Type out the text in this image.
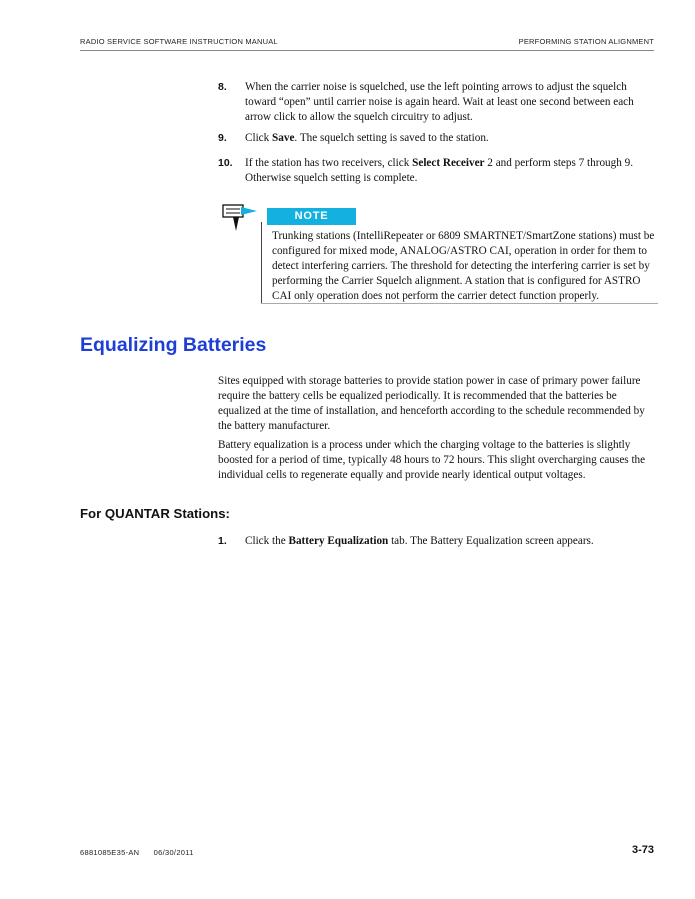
RADIO SERVICE SOFTWARE INSTRUCTION MANUAL	PERFORMING STATION ALIGNMENT
8. When the carrier noise is squelched, use the left pointing arrows to adjust the squelch toward “open” until carrier noise is again heard. Wait at least one second between each arrow click to allow the squelch circuitry to adjust.
9. Click Save. The squelch setting is saved to the station.
10. If the station has two receivers, click Select Receiver 2 and perform steps 7 through 9. Otherwise squelch setting is complete.
NOTE
Trunking stations (IntelliRepeater or 6809 SMARTNET/SmartZone stations) must be configured for mixed mode, ANALOG/ASTRO CAI, operation in order for them to detect interfering carriers. The threshold for detecting the interfering carrier is set by performing the Carrier Squelch alignment. A station that is configured for ASTRO CAI only operation does not perform the carrier detect function properly.
Equalizing Batteries
Sites equipped with storage batteries to provide station power in case of primary power failure require the battery cells be equalized periodically. It is recommended that the batteries be equalized at the time of installation, and henceforth according to the schedule recommended by the battery manufacturer.
Battery equalization is a process under which the charging voltage to the batteries is slightly boosted for a period of time, typically 48 hours to 72 hours. This slight overcharging causes the individual cells to regenerate equally and provide nearly identical output voltages.
For QUANTAR Stations:
1. Click the Battery Equalization tab. The Battery Equalization screen appears.
6881085E35-AN      06/30/2011	3-73
